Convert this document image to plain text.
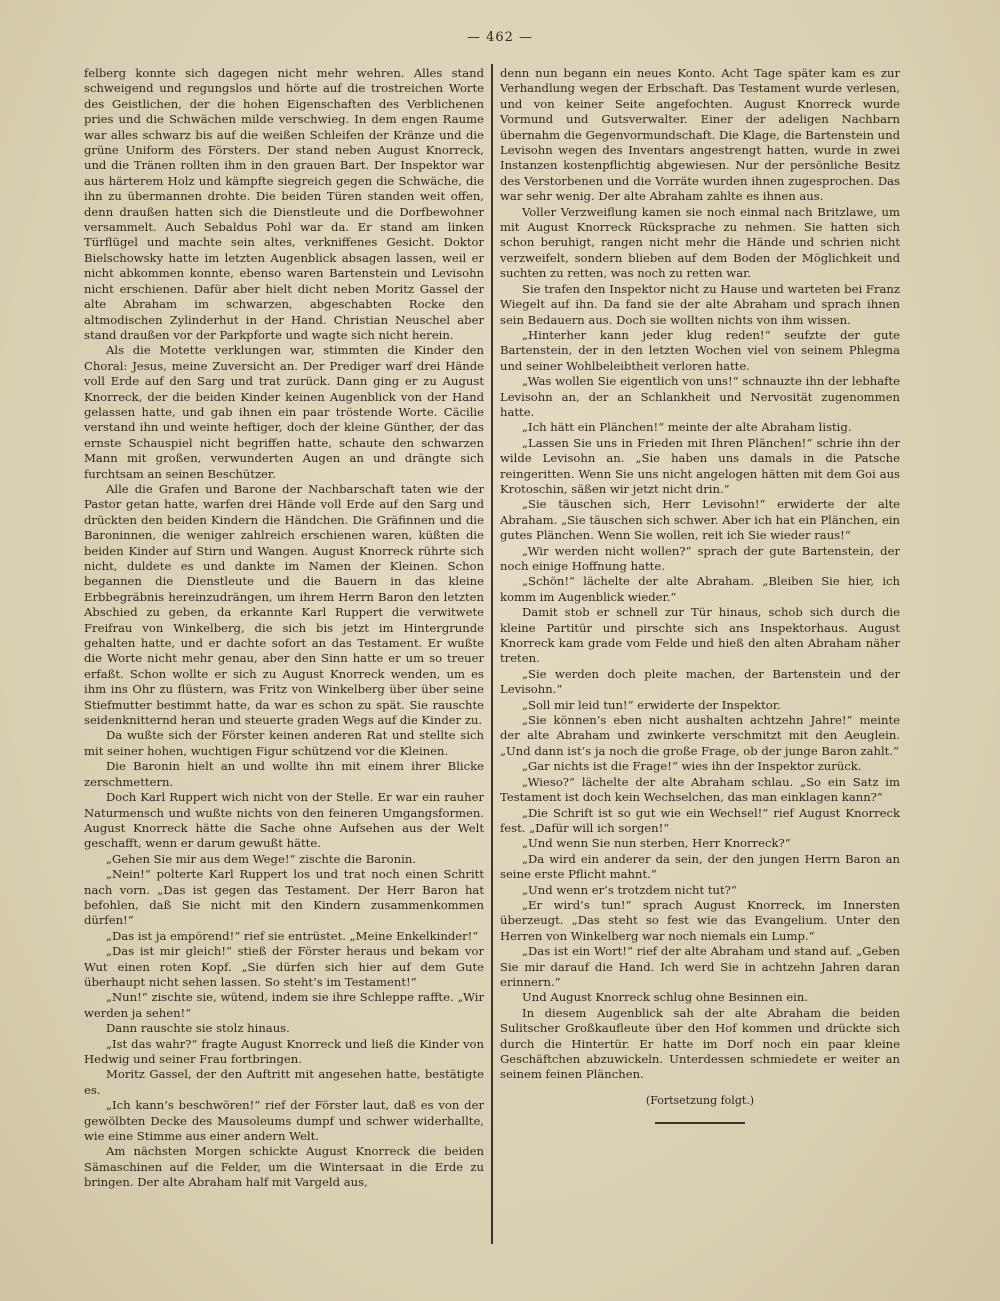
— 462 —

felberg konnte sich dagegen nicht mehr wehren. Alles stand schweigend und regungslos und hörte auf die trostreichen Worte des Geistlichen, der die hohen Eigenschaften des Verblichenen pries und die Schwächen milde verschwieg. In dem engen Raume war alles schwarz bis auf die weißen Schleifen der Kränze und die grüne Uniform des Försters. Der stand neben August Knorreck, und die Tränen rollten ihm in den grauen Bart. Der Inspektor war aus härterem Holz und kämpfte siegreich gegen die Schwäche, die ihn zu übermannen drohte. Die beiden Türen standen weit offen, denn draußen hatten sich die Dienstleute und die Dorfbewohner versammelt. Auch Sebaldus Pohl war da. Er stand am linken Türflügel und machte sein altes, verkniffenes Gesicht. Doktor Bielschowsky hatte im letzten Augenblick absagen lassen, weil er nicht abkommen konnte, ebenso waren Bartenstein und Levisohn nicht erschienen. Dafür aber hielt dicht neben Moritz Gassel der alte Abraham im schwarzen, abgeschabten Rocke den altmodischen Zylinderhut in der Hand. Christian Neuschel aber stand draußen vor der Parkpforte und wagte sich nicht herein.

Als die Motette verklungen war, stimmten die Kinder den Choral: Jesus, meine Zuversicht an. Der Prediger warf drei Hände voll Erde auf den Sarg und trat zurück. Dann ging er zu August Knorreck, der die beiden Kinder keinen Augenblick von der Hand gelassen hatte, und gab ihnen ein paar tröstende Worte. Cäcilie verstand ihn und weinte heftiger, doch der kleine Günther, der das ernste Schauspiel nicht begriffen hatte, schaute den schwarzen Mann mit großen, verwunderten Augen an und drängte sich furchtsam an seinen Beschützer.

Alle die Grafen und Barone der Nachbarschaft taten wie der Pastor getan hatte, warfen drei Hände voll Erde auf den Sarg und drückten den beiden Kindern die Händchen. Die Gräfinnen und die Baroninnen, die weniger zahlreich erschienen waren, küßten die beiden Kinder auf Stirn und Wangen. August Knorreck rührte sich nicht, duldete es und dankte im Namen der Kleinen. Schon begannen die Dienstleute und die Bauern in das kleine Erbbegräbnis hereinzudrängen, um ihrem Herrn Baron den letzten Abschied zu geben, da erkannte Karl Ruppert die verwitwete Freifrau von Winkelberg, die sich bis jetzt im Hintergrunde gehalten hatte, und er dachte sofort an das Testament. Er wußte die Worte nicht mehr genau, aber den Sinn hatte er um so treuer erfaßt. Schon wollte er sich zu August Knorreck wenden, um es ihm ins Ohr zu flüstern, was Fritz von Winkelberg über über seine Stiefmutter bestimmt hatte, da war es schon zu spät. Sie rauschte seidenknitternd heran und steuerte graden Wegs auf die Kinder zu.

Da wußte sich der Förster keinen anderen Rat und stellte sich mit seiner hohen, wuchtigen Figur schützend vor die Kleinen.

Die Baronin hielt an und wollte ihn mit einem ihrer Blicke zerschmettern.

Doch Karl Ruppert wich nicht von der Stelle. Er war ein rauher Naturmensch und wußte nichts von den feineren Umgangsformen. August Knorreck hätte die Sache ohne Aufsehen aus der Welt geschafft, wenn er darum gewußt hätte.

„Gehen Sie mir aus dem Wege!“ zischte die Baronin.

„Nein!“ polterte Karl Ruppert los und trat noch einen Schritt nach vorn. „Das ist gegen das Testament. Der Herr Baron hat befohlen, daß Sie nicht mit den Kindern zusammenkommen dürfen!“

„Das ist ja empörend!“ rief sie entrüstet. „Meine Enkelkinder!“

„Das ist mir gleich!“ stieß der Förster heraus und bekam vor Wut einen roten Kopf. „Sie dürfen sich hier auf dem Gute überhaupt nicht sehen lassen. So steht’s im Testament!“

„Nun!“ zischte sie, wütend, indem sie ihre Schleppe raffte. „Wir werden ja sehen!“

Dann rauschte sie stolz hinaus.

„Ist das wahr?“ fragte August Knorreck und ließ die Kinder von Hedwig und seiner Frau fortbringen.

Moritz Gassel, der den Auftritt mit angesehen hatte, bestätigte es.

„Ich kann’s beschwören!“ rief der Förster laut, daß es von der gewölbten Decke des Mausoleums dumpf und schwer widerhallte, wie eine Stimme aus einer andern Welt.

Am nächsten Morgen schickte August Knorreck die beiden Sämaschinen auf die Felder, um die Wintersaat in die Erde zu bringen. Der alte Abraham half mit Vargeld aus,

denn nun begann ein neues Konto. Acht Tage später kam es zur Verhandlung wegen der Erbschaft. Das Testament wurde verlesen, und von keiner Seite angefochten. August Knorreck wurde Vormund und Gutsverwalter. Einer der adeligen Nachbarn übernahm die Gegenvormundschaft. Die Klage, die Bartenstein und Levisohn wegen des Inventars angestrengt hatten, wurde in zwei Instanzen kostenpflichtig abgewiesen. Nur der persönliche Besitz des Verstorbenen und die Vorräte wurden ihnen zugesprochen. Das war sehr wenig. Der alte Abraham zahlte es ihnen aus.

Voller Verzweiflung kamen sie noch einmal nach Britzlawe, um mit August Knorreck Rücksprache zu nehmen. Sie hatten sich schon beruhigt, rangen nicht mehr die Hände und schrien nicht verzweifelt, sondern blieben auf dem Boden der Möglichkeit und suchten zu retten, was noch zu retten war.

Sie trafen den Inspektor nicht zu Hause und warteten bei Franz Wiegelt auf ihn. Da fand sie der alte Abraham und sprach ihnen sein Bedauern aus. Doch sie wollten nichts von ihm wissen.

„Hinterher kann jeder klug reden!“ seufzte der gute Bartenstein, der in den letzten Wochen viel von seinem Phlegma und seiner Wohlbeleibtheit verloren hatte.

„Was wollen Sie eigentlich von uns!“ schnauzte ihn der lebhafte Levisohn an, der an Schlankheit und Nervosität zugenommen hatte.

„Ich hätt ein Plänchen!“ meinte der alte Abraham listig.

„Lassen Sie uns in Frieden mit Ihren Plänchen!“ schrie ihn der wilde Levisohn an. „Sie haben uns damals in die Patsche reingeritten. Wenn Sie uns nicht angelogen hätten mit dem Goi aus Krotoschin, säßen wir jetzt nicht drin.“

„Sie täuschen sich, Herr Levisohn!“ erwiderte der alte Abraham. „Sie täuschen sich schwer. Aber ich hat ein Plänchen, ein gutes Plänchen. Wenn Sie wollen, reit ich Sie wieder raus!“

„Wir werden nicht wollen?“ sprach der gute Bartenstein, der noch einige Hoffnung hatte.

„Schön!“ lächelte der alte Abraham. „Bleiben Sie hier, ich komm im Augenblick wieder.“

Damit stob er schnell zur Tür hinaus, schob sich durch die kleine Partitür und pirschte sich ans Inspektorhaus. August Knorreck kam grade vom Felde und hieß den alten Abraham näher treten.

„Sie werden doch pleite machen, der Bartenstein und der Levisohn.“

„Soll mir leid tun!“ erwiderte der Inspektor.

„Sie können’s eben nicht aushalten achtzehn Jahre!“ meinte der alte Abraham und zwinkerte verschmitzt mit den Aeuglein. „Und dann ist’s ja noch die große Frage, ob der junge Baron zahlt.“

„Gar nichts ist die Frage!“ wies ihn der Inspektor zurück.

„Wieso?“ lächelte der alte Abraham schlau. „So ein Satz im Testament ist doch kein Wechselchen, das man einklagen kann?“

„Die Schrift ist so gut wie ein Wechsel!“ rief August Knorreck fest. „Dafür will ich sorgen!“

„Und wenn Sie nun sterben, Herr Knorreck?“

„Da wird ein anderer da sein, der den jungen Herrn Baron an seine erste Pflicht mahnt.“

„Und wenn er’s trotzdem nicht tut?“

„Er wird’s tun!“ sprach August Knorreck, im Innersten überzeugt. „Das steht so fest wie das Evangelium. Unter den Herren von Winkelberg war noch niemals ein Lump.“

„Das ist ein Wort!“ rief der alte Abraham und stand auf. „Geben Sie mir darauf die Hand. Ich werd Sie in achtzehn Jahren daran erinnern.“

Und August Knorreck schlug ohne Besinnen ein.

In diesem Augenblick sah der alte Abraham die beiden Sulitscher Großkaufleute über den Hof kommen und drückte sich durch die Hintertür. Er hatte im Dorf noch ein paar kleine Geschäftchen abzuwickeln. Unterdessen schmiedete er weiter an seinem feinen Plänchen.

(Fortsetzung folgt.)
